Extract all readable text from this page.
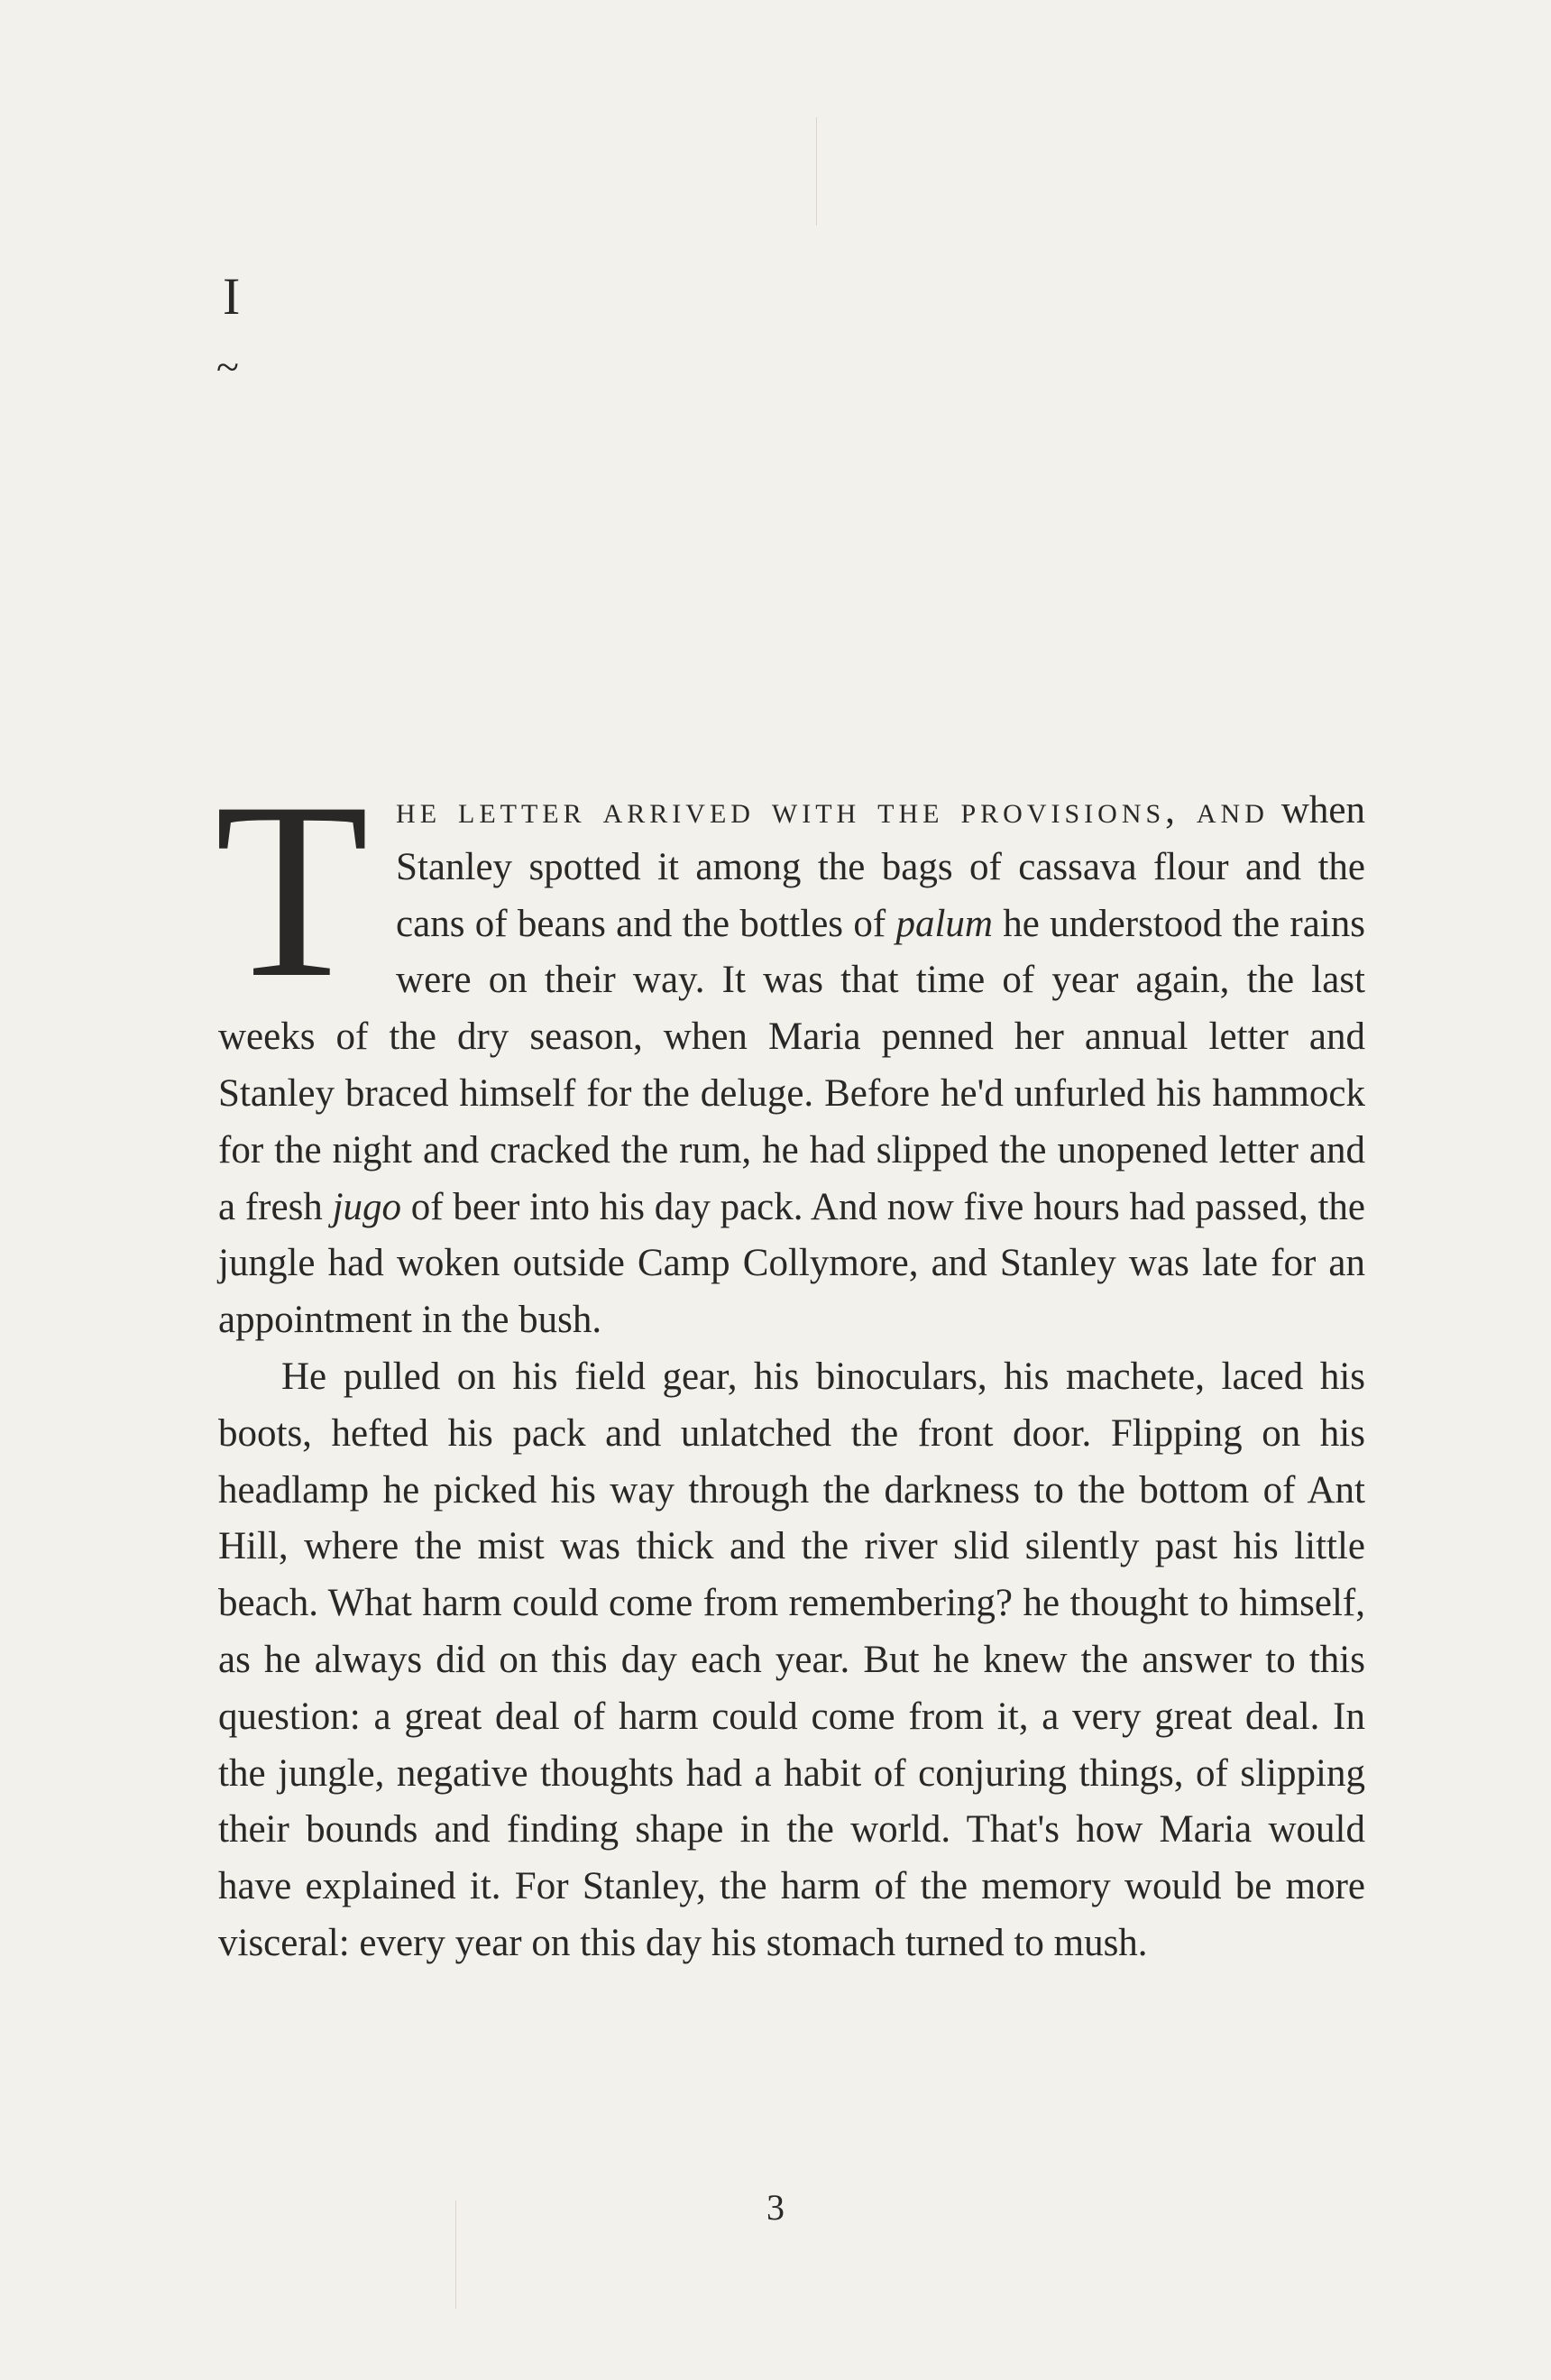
I
~

The letter arrived with the provisions, and when Stanley spotted it among the bags of cassava flour and the cans of beans and the bottles of palum he understood the rains were on their way. It was that time of year again, the last weeks of the dry season, when Maria penned her annual letter and Stanley braced himself for the deluge. Before he'd unfurled his hammock for the night and cracked the rum, he had slipped the unopened letter and a fresh jugo of beer into his day pack. And now five hours had passed, the jungle had woken outside Camp Collymore, and Stanley was late for an appointment in the bush.

He pulled on his field gear, his binoculars, his machete, laced his boots, hefted his pack and unlatched the front door. Flipping on his headlamp he picked his way through the darkness to the bottom of Ant Hill, where the mist was thick and the river slid silently past his little beach. What harm could come from remembering? he thought to himself, as he always did on this day each year. But he knew the answer to this question: a great deal of harm could come from it, a very great deal. In the jungle, negative thoughts had a habit of conjuring things, of slipping their bounds and finding shape in the world. That's how Maria would have explained it. For Stanley, the harm of the memory would be more visceral: every year on this day his stomach turned to mush.

3
